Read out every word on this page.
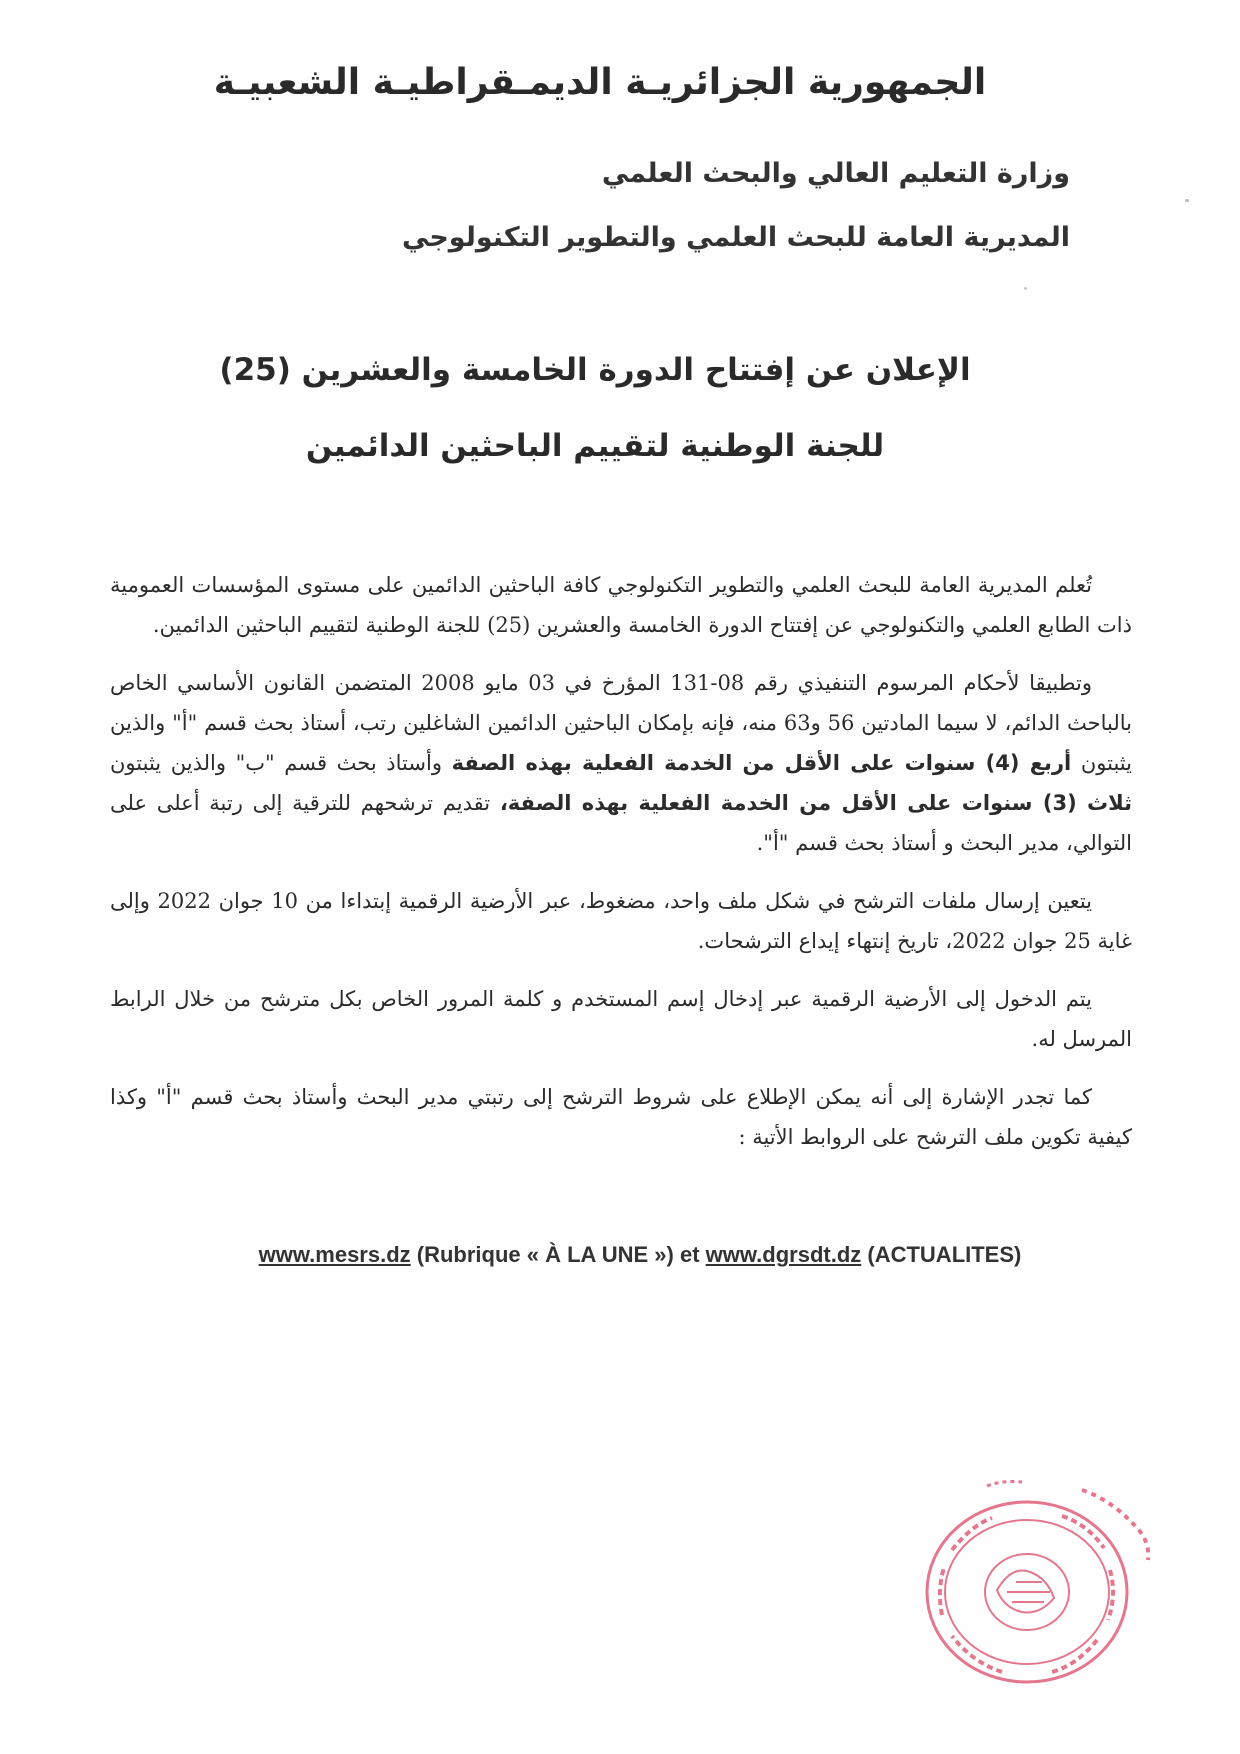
الجمهورية الجزائريـة الديمـقراطيـة الشعبيـة
وزارة التعليم العالي والبحث العلمي
المديرية العامة للبحث العلمي والتطوير التكنولوجي
الإعلان عن إفتتاح الدورة الخامسة والعشرين (25)
للجنة الوطنية لتقييم الباحثين الدائمين

تُعلم المديرية العامة للبحث العلمي والتطوير التكنولوجي كافة الباحثين الدائمين على مستوى المؤسسات العمومية ذات الطابع العلمي والتكنولوجي عن إفتتاح الدورة الخامسة والعشرين (25) للجنة الوطنية لتقييم الباحثين الدائمين.

وتطبيقا لأحكام المرسوم التنفيذي رقم 08-131 المؤرخ في 03 مايو 2008 المتضمن القانون الأساسي الخاص بالباحث الدائم، لا سيما المادتين 56 و63 منه، فإنه بإمكان الباحثين الدائمين الشاغلين رتب، أستاذ بحث قسم "أ" والذين يثبتون أربع (4) سنوات على الأقل من الخدمة الفعلية بهذه الصفة وأستاذ بحث قسم "ب" والذين يثبتون ثلاث (3) سنوات على الأقل من الخدمة الفعلية بهذه الصفة، تقديم ترشحهم للترقية إلى رتبة أعلى على التوالي، مدير البحث و أستاذ بحث قسم "أ".

يتعين إرسال ملفات الترشح في شكل ملف واحد، مضغوط، عبر الأرضية الرقمية إبتداءا من 10 جوان 2022 وإلى غاية 25 جوان 2022، تاريخ إنتهاء إيداع الترشحات.

يتم الدخول إلى الأرضية الرقمية عبر إدخال إسم المستخدم و كلمة المرور الخاص بكل مترشح من خلال الرابط المرسل له.

كما تجدر الإشارة إلى أنه يمكن الإطلاع على شروط الترشح إلى رتبتي مدير البحث وأستاذ بحث قسم "أ" وكذا كيفية تكوين ملف الترشح على الروابط الأتية :

www.mesrs.dz (Rubrique « À LA UNE ») et www.dgrsdt.dz (ACTUALITES)
